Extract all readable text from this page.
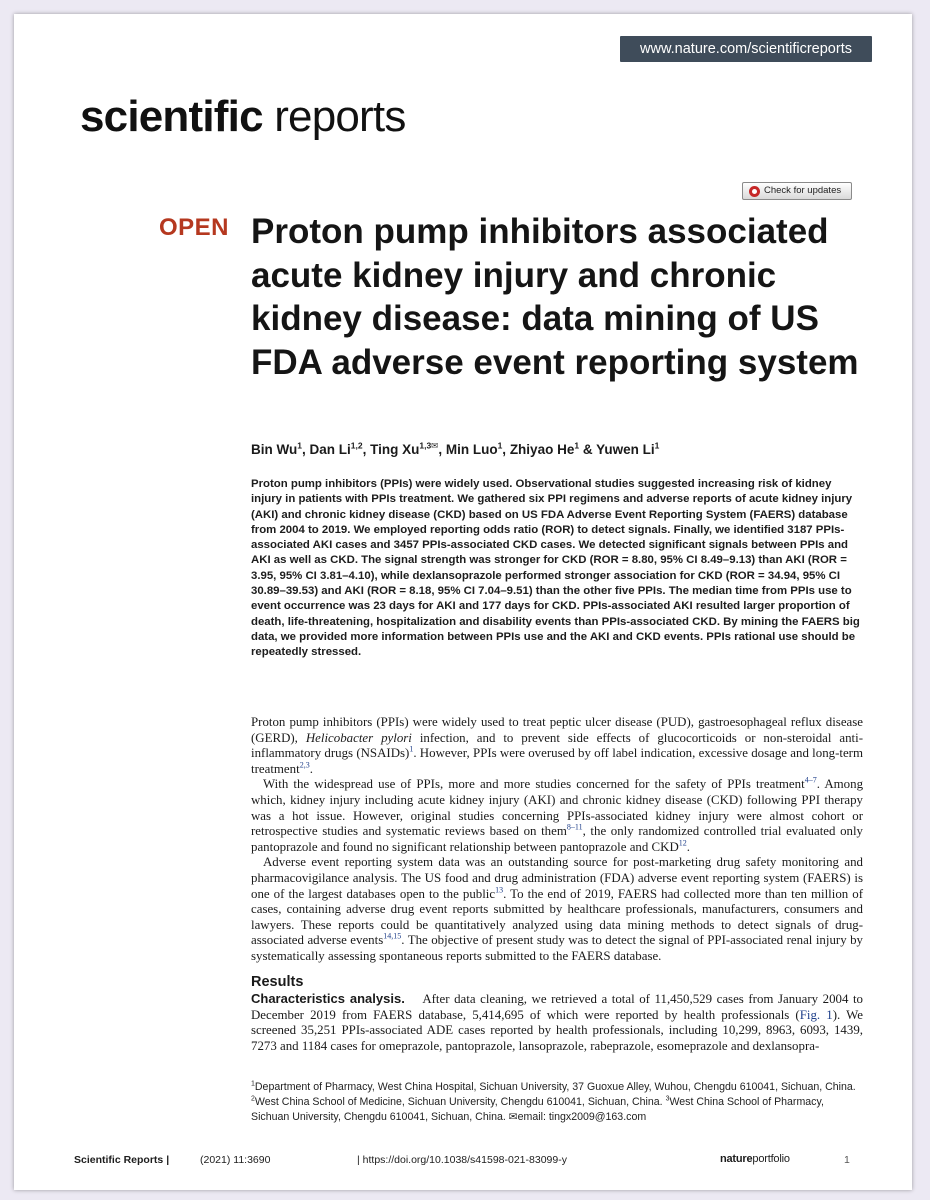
www.nature.com/scientificreports
scientific reports
Check for updates
OPEN Proton pump inhibitors associated acute kidney injury and chronic kidney disease: data mining of US FDA adverse event reporting system

Bin Wu$^1$, Dan Li$^{1,2}$, Ting $Xu^{1,3✉}$, Min Luo$^1$, Zhiyao He$^1$ & Yuwen Li$^1$

Proton pump inhibitors (PPIs) were widely used. Observational studies suggested increasing risk of kidney injury in patients with PPIs treatment. We gathered six PPI regimens and adverse reports of acute kidney injury (AKI) and chronic kidney disease (CKD) based on US FDA Adverse Event Reporting System (FAERS) database from 2004 to 2019. We employed reporting odds ratio (ROR) to detect signals. Finally, we identified 3187 PPIs-associated AKI cases and 3457 PPIs-associated CKD cases. We detected significant signals between PPIs and AKI as well as CKD. The signal strength was stronger for CKD (ROR = 8.80, 95% CI 8.49–9.13) than AKI (ROR = 3.95, 95% CI 3.81–4.10), while dexlansoprazole performed stronger association for CKD (ROR = 34.94, 95% CI 30.89–39.53) and AKI (ROR = 8.18, 95% CI 7.04–9.51) than the other five PPIs. The median time from PPIs use to event occurrence was 23 days for AKI and 177 days for CKD. PPIs-associated AKI resulted larger proportion of death, life-threatening, hospitalization and disability events than PPIs-associated CKD. By mining the FAERS big data, we provided more information between PPIs use and the AKI and CKD events. PPIs rational use should be repeatedly stressed.

Proton pump inhibitors (PPIs) were widely used to treat peptic ulcer disease (PUD), gastroesophageal reflux disease (GERD), Helicobacter pylori infection, and to prevent side effects of glucocorticoids or non-steroidal anti-inflammatory drugs (NSAIDs)$^1$. However, PPIs were overused by off label indication, excessive dosage and long-term treatment$^{2,3}$.

With the widespread use of PPIs, more and more studies concerned for the safety of PPIs treatment$^{4-7}$. Among which, kidney injury including acute kidney injury (AKI) and chronic kidney disease (CKD) following PPI therapy was a hot issue. However, original studies concerning PPIs-associated kidney injury were almost cohort or retrospective studies and systematic reviews based on them$^{8-11}$, the only randomized controlled trial evaluated only pantoprazole and found no significant relationship between pantoprazole and CKD$^{12}$.

Adverse event reporting system data was an outstanding source for post-marketing drug safety monitoring and pharmacovigilance analysis. The US food and drug administration (FDA) adverse event reporting system (FAERS) is one of the largest databases open to the public$^{13}$. To the end of 2019, FAERS had collected more than ten million of cases, containing adverse drug event reports submitted by healthcare professionals, manufacturers, consumers and lawyers. These reports could be quantitatively analyzed using data mining methods to detect signals of drug-associated adverse events$^{14,15}$. The objective of present study was to detect the signal of PPI-associated renal injury by systematically assessing spontaneous reports submitted to the FAERS database.

Results

Characteristics analysis. After data cleaning, we retrieved a total of 11,450,529 cases from January 2004 to December 2019 from FAERS database, 5,414,695 of which were reported by health professionals (Fig. 1). We screened 35,251 PPIs-associated ADE cases reported by health professionals, including 10,299, 8963, 6093, 1439, 7273 and 1184 cases for omeprazole, pantoprazole, lansoprazole, rabeprazole, esomeprazole and dexlansopra-

$^1$Department of Pharmacy, West China Hospital, Sichuan University, 37 Guoxue Alley, Wuhou, Chengdu 610041, Sichuan, China. $^2$West China School of Medicine, Sichuan University, Chengdu 610041, Sichuan, China. $^3$West China School of Pharmacy, Sichuan University, Chengdu 610041, Sichuan, China. ✉email: tingx2009@163.com

Scientific Reports |	(2021) 11:3690	| https://doi.org/10.1038/s41598-021-83099-y	natureportfolio	1
